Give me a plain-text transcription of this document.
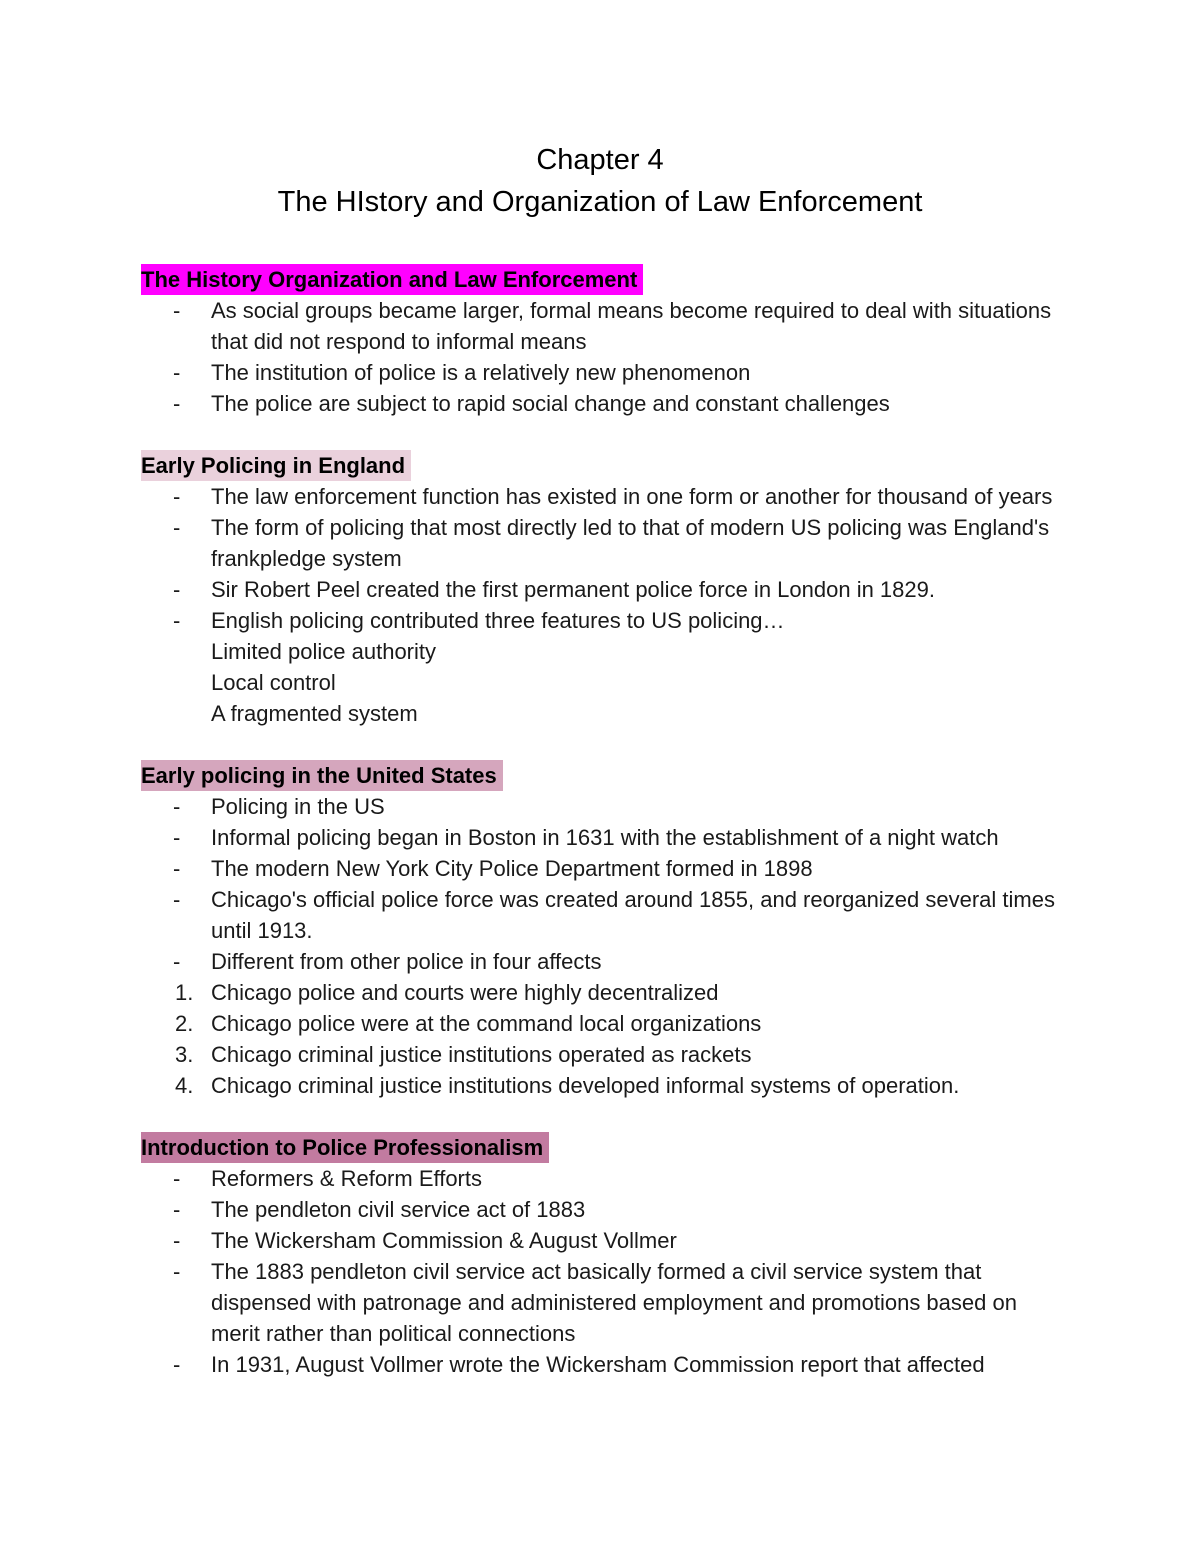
Chapter 4
The HIstory and Organization of Law Enforcement
The History Organization and Law Enforcement
-	As social groups became larger, formal means become required to deal with situations that did not respond to informal means
-	The institution of police is a relatively new phenomenon
-	The police are subject to rapid social change and constant challenges
Early Policing in England
-	The law enforcement function has existed in one form or another for thousand of years
-	The form of policing that most directly led to that of modern US policing was England's frankpledge system
-	Sir Robert Peel created the first permanent police force in London in 1829.
-	English policing contributed three features to US policing…
Limited police authority
Local control
A fragmented system
Early policing in the United States
-	Policing in the US
-	Informal policing began in Boston in 1631 with the establishment of a night watch
-	The modern New York City Police Department formed in 1898
-	Chicago's official police force was created around 1855, and reorganized several times until 1913.
-	Different from other police in four affects
1. Chicago police and courts were highly decentralized
2. Chicago police were at the command local organizations
3. Chicago criminal justice institutions operated as rackets
4. Chicago criminal justice institutions developed informal systems of operation.
Introduction to Police Professionalism
-	Reformers & Reform Efforts
-	The pendleton civil service act of 1883
-	The Wickersham Commission & August Vollmer
-	The 1883 pendleton civil service act basically formed a civil service system that dispensed with patronage and administered employment and promotions based on merit rather than political connections
-	In 1931, August Vollmer wrote the Wickersham Commission report that affected
